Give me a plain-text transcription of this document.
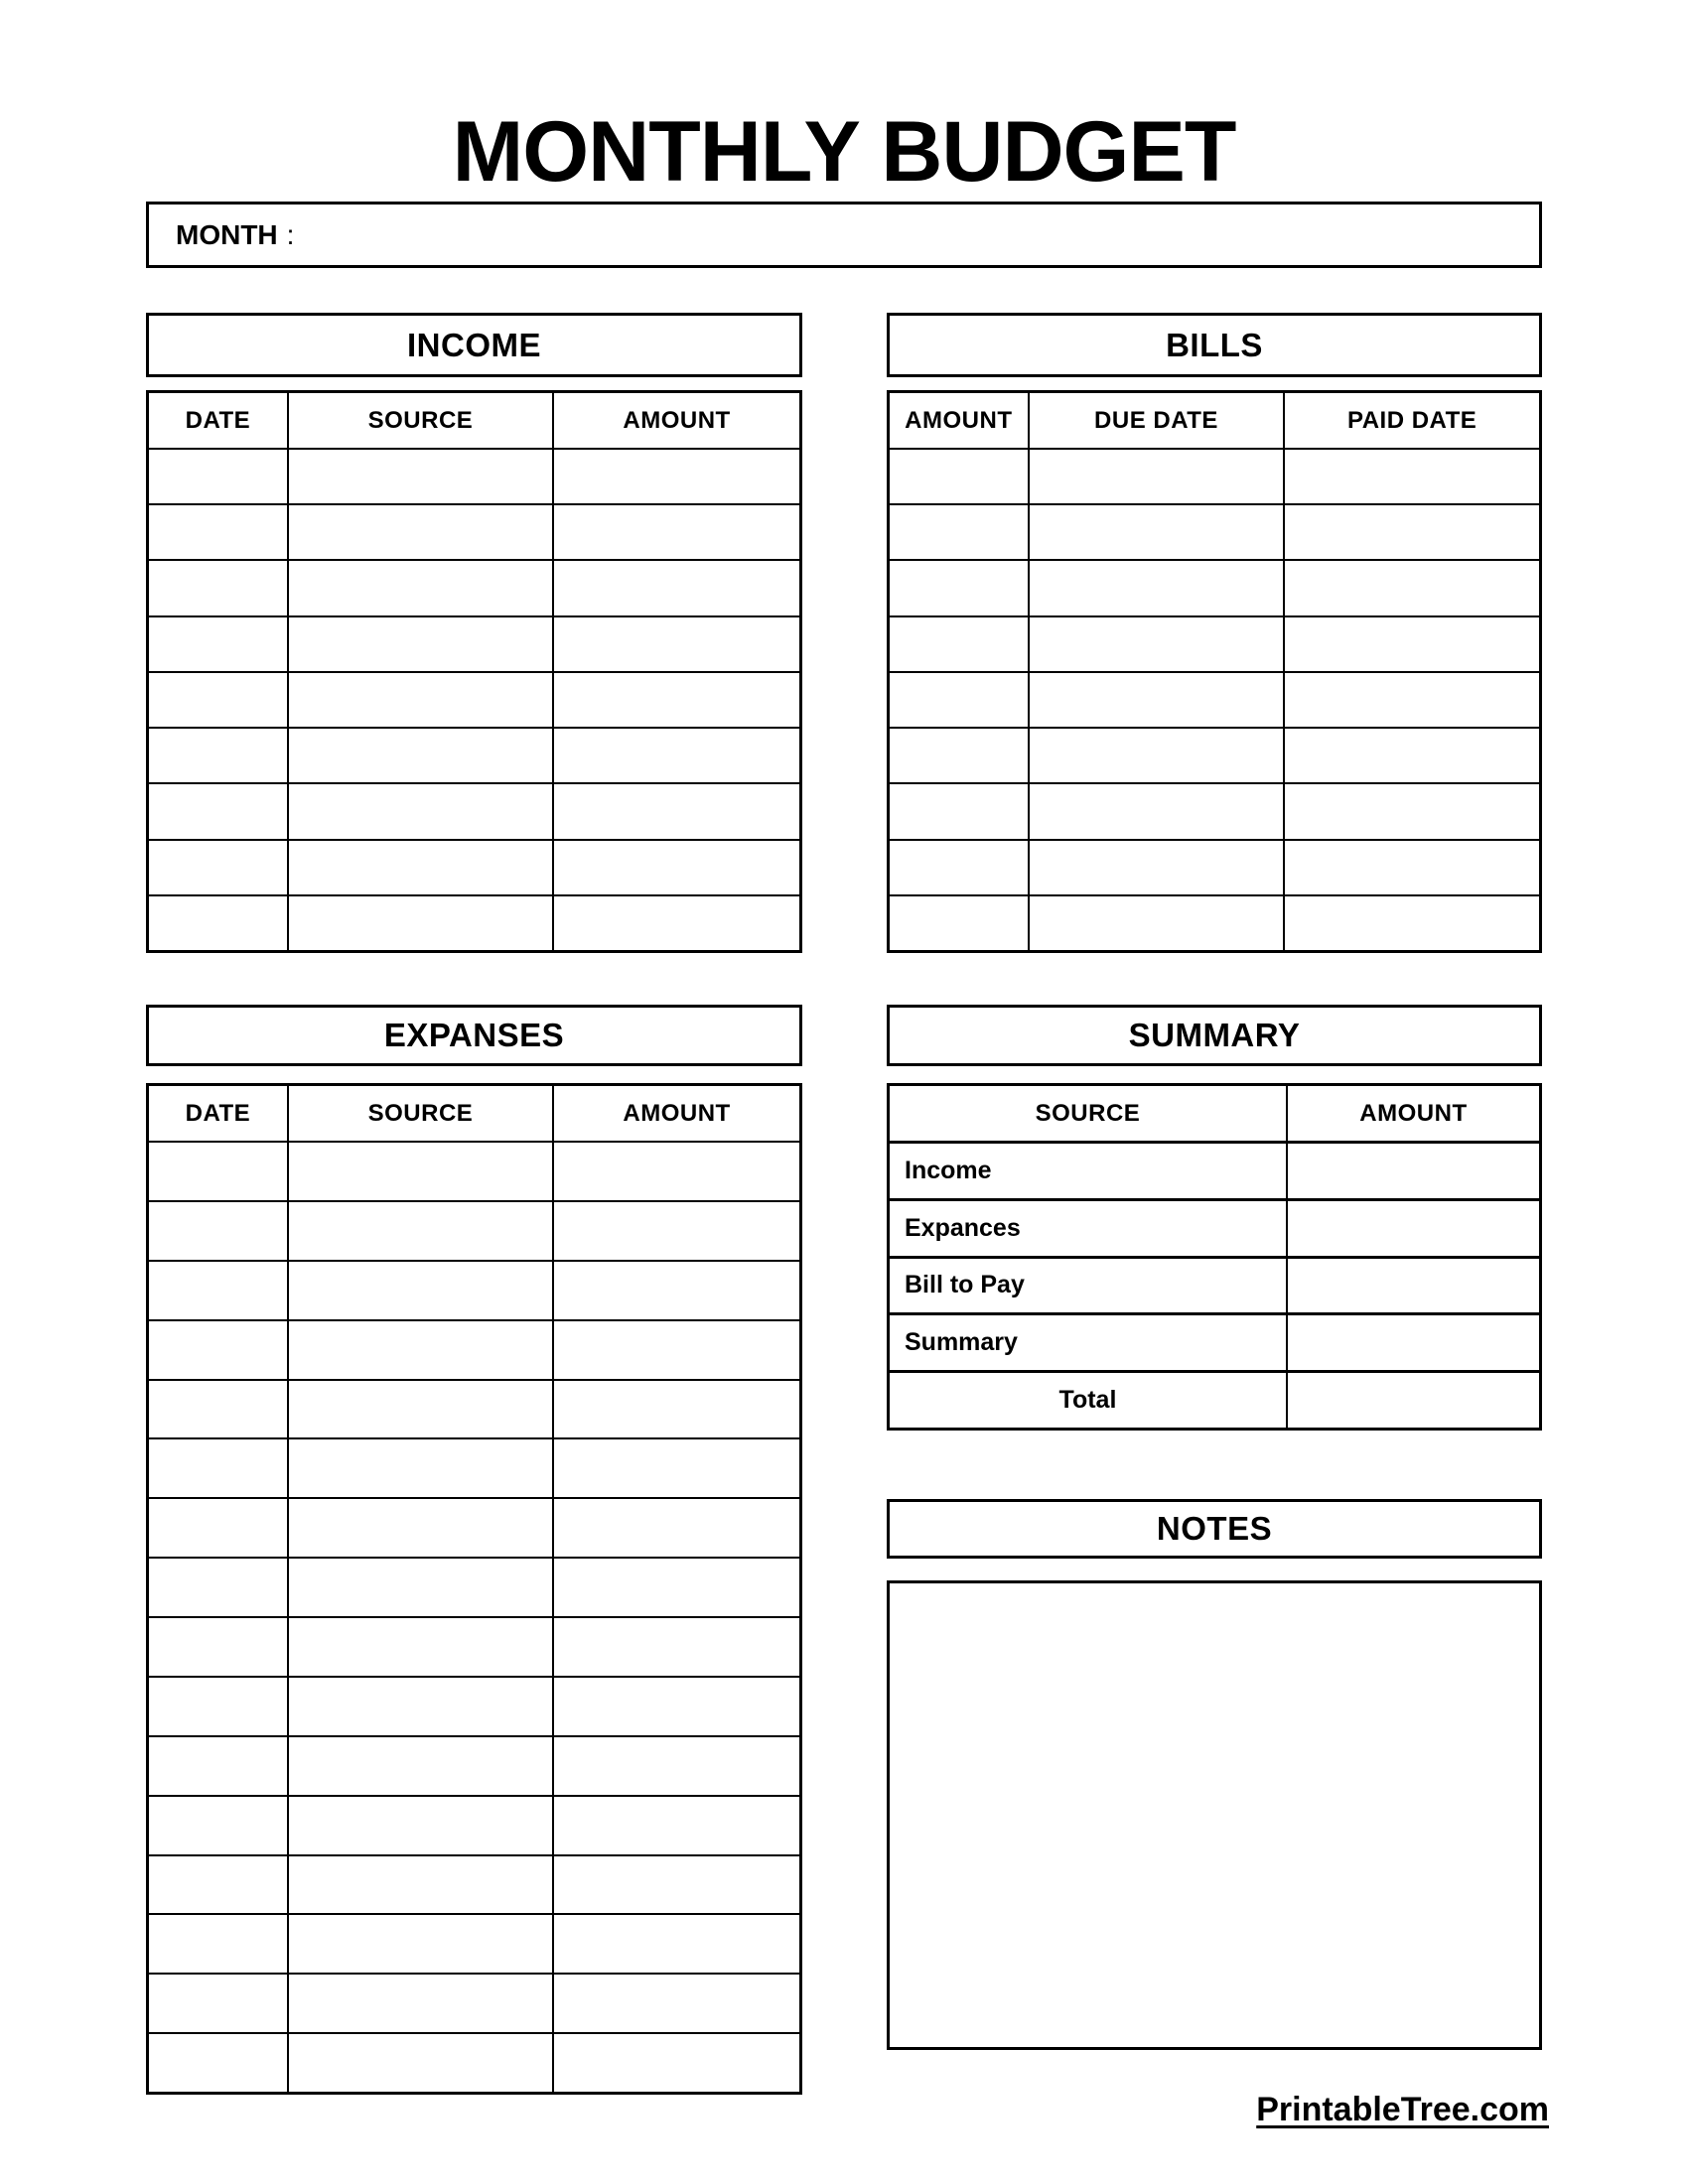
MONTHLY BUDGET
MONTH :
INCOME
DATE	SOURCE	AMOUNT
BILLS
AMOUNT	DUE DATE	PAID DATE
EXPANSES
DATE	SOURCE	AMOUNT
SUMMARY
SOURCE	AMOUNT
Income
Expances
Bill to Pay
Summary
Total
NOTES
PrintableTree.com
